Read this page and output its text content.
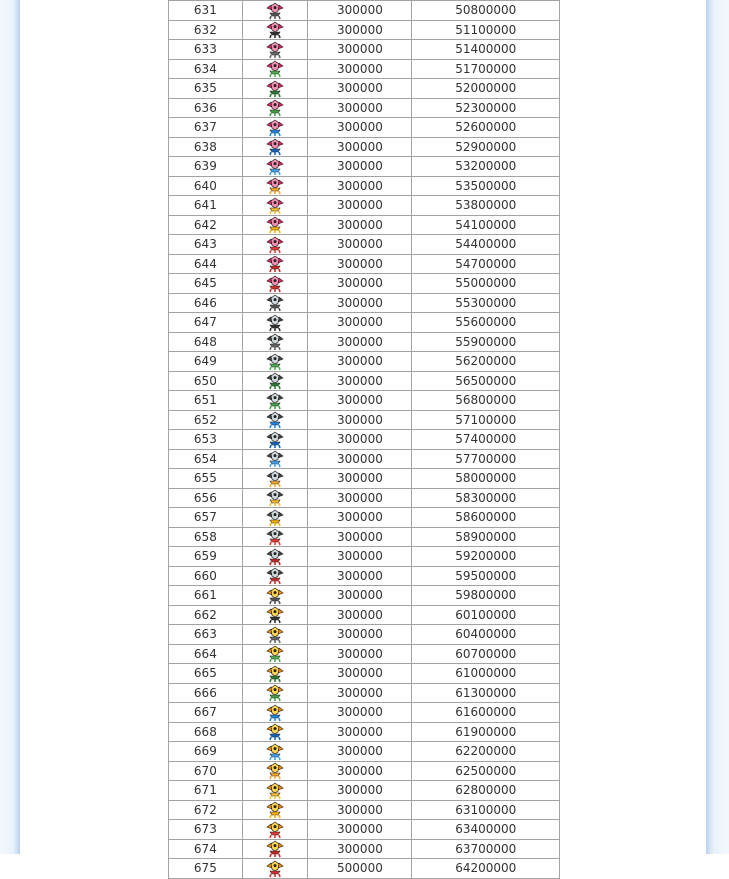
631		300000	50800000
632		300000	51100000
633		300000	51400000
634		300000	51700000
635		300000	52000000
636		300000	52300000
637		300000	52600000
638		300000	52900000
639		300000	53200000
640		300000	53500000
641		300000	53800000
642		300000	54100000
643		300000	54400000
644		300000	54700000
645		300000	55000000
646		300000	55300000
647		300000	55600000
648		300000	55900000
649		300000	56200000
650		300000	56500000
651		300000	56800000
652		300000	57100000
653		300000	57400000
654		300000	57700000
655		300000	58000000
656		300000	58300000
657		300000	58600000
658		300000	58900000
659		300000	59200000
660		300000	59500000
661		300000	59800000
662		300000	60100000
663		300000	60400000
664		300000	60700000
665		300000	61000000
666		300000	61300000
667		300000	61600000
668		300000	61900000
669		300000	62200000
670		300000	62500000
671		300000	62800000
672		300000	63100000
673		300000	63400000
674		300000	63700000
675		500000	64200000
